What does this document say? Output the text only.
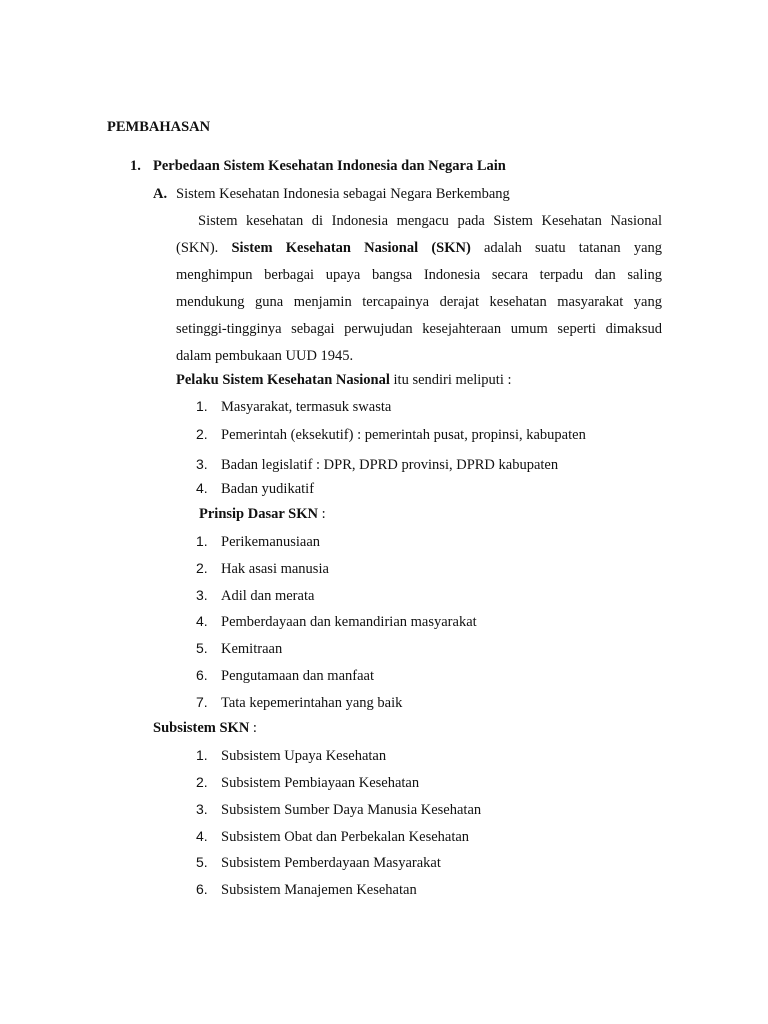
PEMBAHASAN
1. Perbedaan Sistem Kesehatan Indonesia dan Negara Lain
A. Sistem Kesehatan Indonesia sebagai Negara Berkembang
Sistem kesehatan di Indonesia mengacu pada Sistem Kesehatan Nasional (SKN). Sistem Kesehatan Nasional (SKN) adalah suatu tatanan yang menghimpun berbagai upaya bangsa Indonesia secara terpadu dan saling mendukung guna menjamin tercapainya derajat kesehatan masyarakat yang setinggi-tingginya sebagai perwujudan kesejahteraan umum seperti dimaksud dalam pembukaan UUD 1945.
Pelaku Sistem Kesehatan Nasional itu sendiri meliputi :
1. Masyarakat, termasuk swasta
2. Pemerintah (eksekutif) : pemerintah pusat, propinsi, kabupaten
3. Badan legislatif : DPR, DPRD provinsi, DPRD kabupaten
4. Badan yudikatif
Prinsip Dasar SKN :
1. Perikemanusiaan
2. Hak asasi manusia
3. Adil dan merata
4. Pemberdayaan dan kemandirian masyarakat
5. Kemitraan
6. Pengutamaan dan manfaat
7. Tata kepemerintahan yang baik
Subsistem SKN :
1. Subsistem Upaya Kesehatan
2. Subsistem Pembiayaan Kesehatan
3. Subsistem Sumber Daya Manusia Kesehatan
4. Subsistem Obat dan Perbekalan Kesehatan
5. Subsistem Pemberdayaan Masyarakat
6. Subsistem Manajemen Kesehatan
